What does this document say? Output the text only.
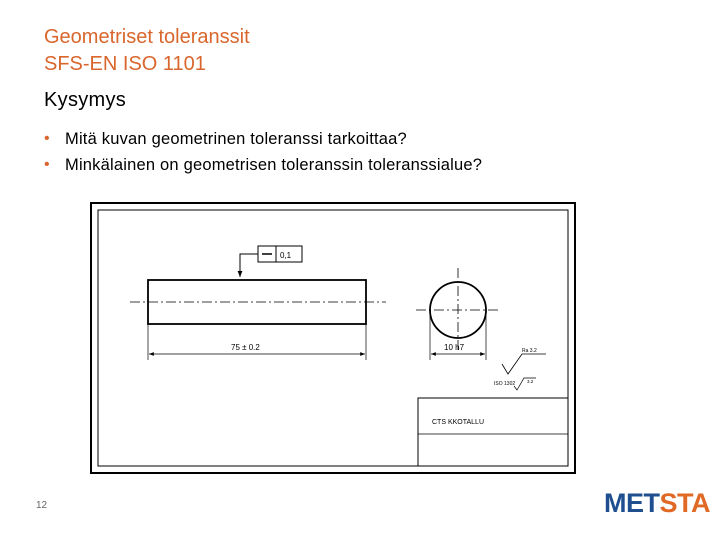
Geometriset toleranssit
SFS-EN ISO 1101
Kysymys
• Mitä kuvan geometrinen toleranssi tarkoittaa?
• Minkälainen on geometrisen toleranssin toleranssialue?
0,1
75 ± 0.2	10 h7	Ra 3.2
ISO 1302	3.2
CTS KKOTALLU
12	METSTA
